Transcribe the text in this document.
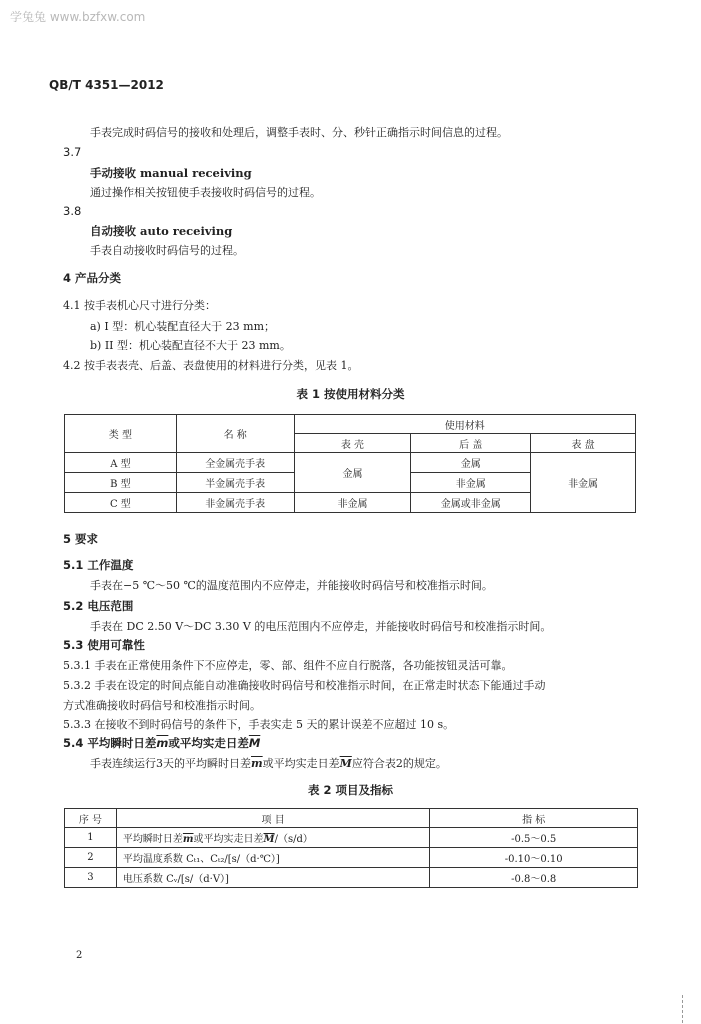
学兔兔 www.bzfxw.com
QB/T 4351—2012
手表完成时码信号的接收和处理后，调整手表时、分、秒针正确指示时间信息的过程。
3.7
手动接收 manual receiving
通过操作相关按钮使手表接收时码信号的过程。
3.8
自动接收 auto receiving
手表自动接收时码信号的过程。
4 产品分类
4.1 按手表机心尺寸进行分类：
a) I 型：机心装配直径大于 23 mm；
b) II 型：机心装配直径不大于 23 mm。
4.2 按手表表壳、后盖、表盘使用的材料进行分类，见表 1。
表 1 按使用材料分类
类 型	名 称	使用材料		
		表 壳	后 盖	表 盘
A 型	全金属壳手表	金属	金属	非金属
B 型	半金属壳手表		非金属	
C 型	非金属壳手表	非金属	金属或非金属	
5 要求
5.1 工作温度
手表在−5 ℃～50 ℃的温度范围内不应停走，并能接收时码信号和校准指示时间。
5.2 电压范围
手表在 DC 2.50 V～DC 3.30 V 的电压范围内不应停走，并能接收时码信号和校准指示时间。
5.3 使用可靠性
5.3.1 手表在正常使用条件下不应停走，零、部、组件不应自行脱落，各功能按钮灵活可靠。
5.3.2 手表在设定的时间点能自动准确接收时码信号和校准指示时间，在正常走时状态下能通过手动
方式准确接收时码信号和校准指示时间。
5.3.3 在接收不到时码信号的条件下，手表实走 5 天的累计误差不应超过 10 s。
5.4 平均瞬时日差$\overline{m}$或平均实走日差$\overline{M}$
手表连续运行3天的平均瞬时日差$\overline{m}$或平均实走日差$\overline{M}$应符合表2的规定。
表 2 项目及指标
序 号	项 目	指 标
1	平均瞬时日差$\overline{m}$或平均实走日差$\overline{M}/(s/d)$	-0.5～0.5
2	平均温度系数 Cₜ₁、Cₜ₂/[s/（d·℃）]	-0.10～0.10
3	电压系数 Cᵥ/[s/（d·V）]	-0.8～0.8
2
